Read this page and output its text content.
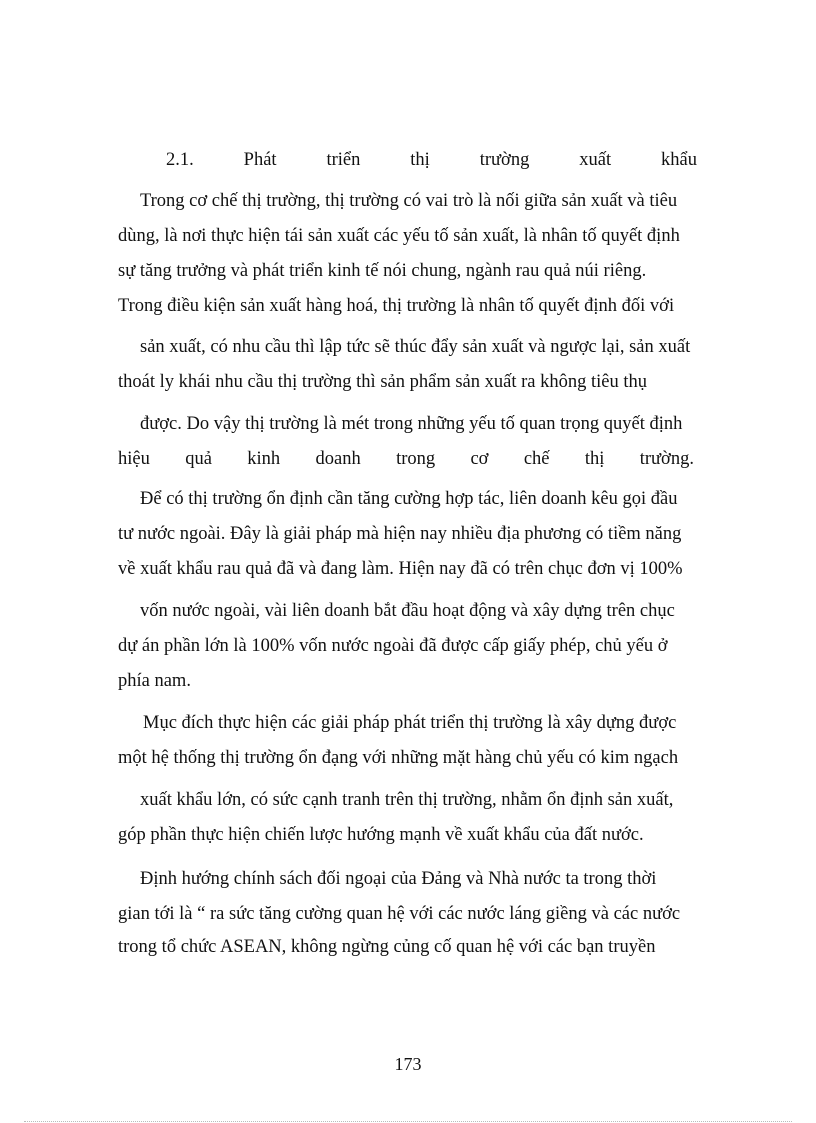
2.1.	Phát	triển	thị	trường	xuất	khẩu
Trong cơ chế thị trường, thị trường có vai trò là nối giữa sản xuất và tiêu
dùng, là nơi thực hiện tái sản xuất các yếu tố sản xuất, là nhân tố quyết định
sự tăng trưởng và phát triển kinh tế nói chung, ngành rau quả núi riêng.
Trong điều kiện sản xuất hàng hoá, thị trường là nhân tố quyết định đối với
sản xuất, có nhu cầu thì lập tức sẽ thúc đẩy sản xuất và ngược lại, sản xuất
thoát ly khái nhu cầu thị trường thì sản phẩm sản xuất ra không tiêu thụ
được. Do vậy thị trường là mét trong những yếu tố quan trọng quyết định
hiệu quả kinh doanh trong cơ chế thị trường.
Để có thị trường ổn định cần tăng cường hợp tác, liên doanh kêu gọi đầu
tư nước ngoài. Đây là giải pháp mà hiện nay nhiều địa phương có tiềm năng
về xuất khẩu rau quả đã và đang làm. Hiện nay đã có trên chục đơn vị 100%
vốn nước ngoài, vài liên doanh bắt đầu hoạt động và xây dựng trên chục
dự án phần lớn là 100% vốn nước ngoài đã được cấp giấy phép, chủ yếu ở
phía nam.
Mục đích thực hiện các giải pháp phát triển thị trường là xây dựng được
một hệ thống thị trường ổn đạng với những mặt hàng chủ yếu có kim ngạch
xuất khẩu lớn, có sức cạnh tranh trên thị trường, nhằm ổn định sản xuất,
góp phần thực hiện chiến lược hướng mạnh về xuất khẩu của đất nước.
Định hướng chính sách đối ngoại của Đảng và Nhà nước ta trong thời
gian tới là “ ra sức tăng cường quan hệ với các nước láng giềng và các nước
trong tổ chức ASEAN, không ngừng củng cố quan hệ với các bạn truyền
173
